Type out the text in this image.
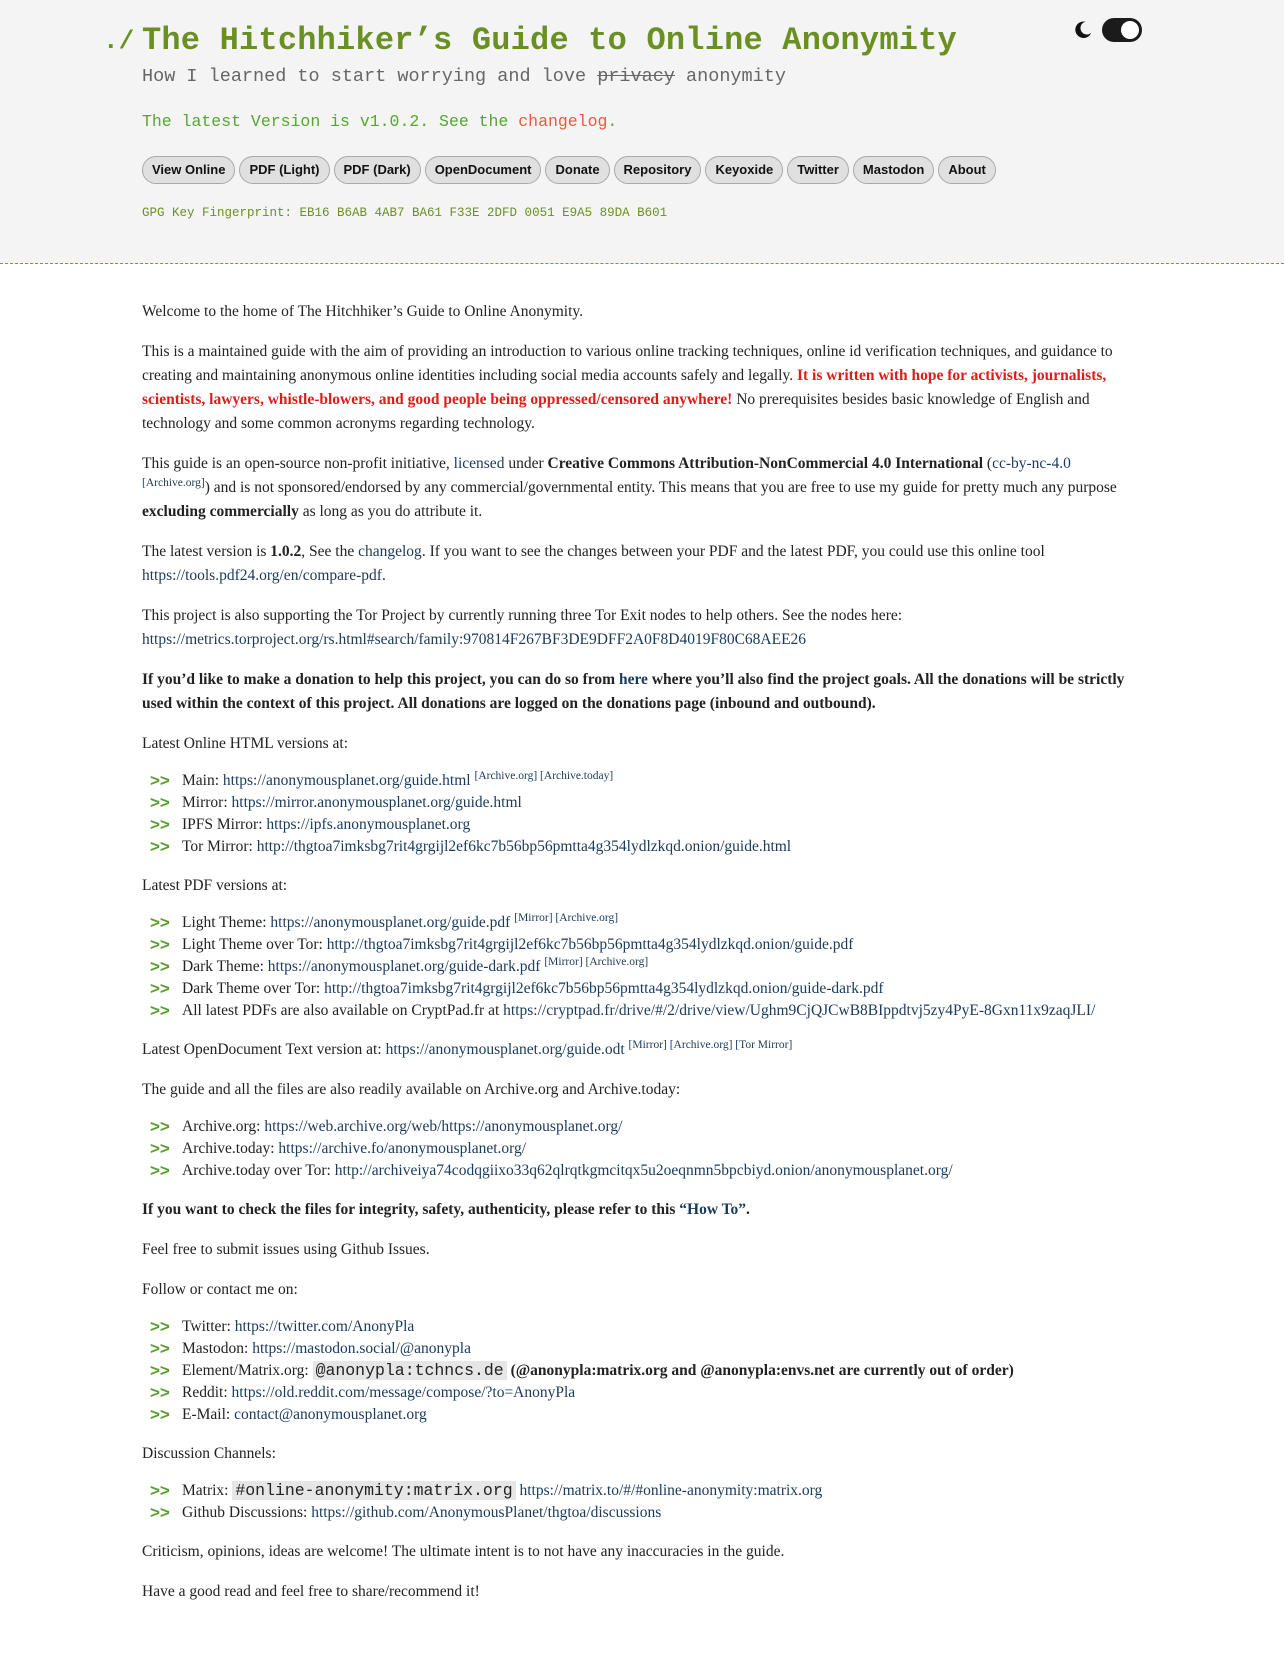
./ The Hitchhiker’s Guide to Online Anonymity
How I learned to start worrying and love privacy anonymity
The latest Version is v1.0.2. See the changelog.
View Online	PDF (Light)	PDF (Dark)	OpenDocument	Donate	Repository	Keyoxide	Twitter	Mastodon	About
GPG Key Fingerprint: EB16 B6AB 4AB7 BA61 F33E 2DFD 0051 E9A5 89DA B601

Welcome to the home of The Hitchhiker’s Guide to Online Anonymity.

This is a maintained guide with the aim of providing an introduction to various online tracking techniques, online id verification techniques, and guidance to creating and maintaining anonymous online identities including social media accounts safely and legally. It is written with hope for activists, journalists, scientists, lawyers, whistle-blowers, and good people being oppressed/censored anywhere! No prerequisites besides basic knowledge of English and technology and some common acronyms regarding technology.

This guide is an open-source non-profit initiative, licensed under Creative Commons Attribution-NonCommercial 4.0 International (cc-by-nc-4.0 [Archive.org]) and is not sponsored/endorsed by any commercial/governmental entity. This means that you are free to use my guide for pretty much any purpose excluding commercially as long as you do attribute it.

The latest version is 1.0.2, See the changelog. If you want to see the changes between your PDF and the latest PDF, you could use this online tool https://tools.pdf24.org/en/compare-pdf.

This project is also supporting the Tor Project by currently running three Tor Exit nodes to help others. See the nodes here: https://metrics.torproject.org/rs.html#search/family:970814F267BF3DE9DFF2A0F8D4019F80C68AEE26

If you’d like to make a donation to help this project, you can do so from here where you’ll also find the project goals. All the donations will be strictly used within the context of this project. All donations are logged on the donations page (inbound and outbound).

Latest Online HTML versions at:

>> Main: https://anonymousplanet.org/guide.html [Archive.org] [Archive.today]
>> Mirror: https://mirror.anonymousplanet.org/guide.html
>> IPFS Mirror: https://ipfs.anonymousplanet.org
>> Tor Mirror: http://thgtoa7imksbg7rit4grgijl2ef6kc7b56bp56pmtta4g354lydlzkqd.onion/guide.html

Latest PDF versions at:

>> Light Theme: https://anonymousplanet.org/guide.pdf [Mirror] [Archive.org]
>> Light Theme over Tor: http://thgtoa7imksbg7rit4grgijl2ef6kc7b56bp56pmtta4g354lydlzkqd.onion/guide.pdf
>> Dark Theme: https://anonymousplanet.org/guide-dark.pdf [Mirror] [Archive.org]
>> Dark Theme over Tor: http://thgtoa7imksbg7rit4grgijl2ef6kc7b56bp56pmtta4g354lydlzkqd.onion/guide-dark.pdf
>> All latest PDFs are also available on CryptPad.fr at https://cryptpad.fr/drive/#/2/drive/view/Ughm9CjQJCwB8BIppdtvj5zy4PyE-8Gxn11x9zaqJLI/

Latest OpenDocument Text version at: https://anonymousplanet.org/guide.odt [Mirror] [Archive.org] [Tor Mirror]

The guide and all the files are also readily available on Archive.org and Archive.today:

>> Archive.org: https://web.archive.org/web/https://anonymousplanet.org/
>> Archive.today: https://archive.fo/anonymousplanet.org/
>> Archive.today over Tor: http://archiveiya74codqgiixo33q62qlrqtkgmcitqx5u2oeqnmn5bpcbiyd.onion/anonymousplanet.org/

If you want to check the files for integrity, safety, authenticity, please refer to this “How To”.

Feel free to submit issues using Github Issues.

Follow or contact me on:

>> Twitter: https://twitter.com/AnonyPla
>> Mastodon: https://mastodon.social/@anonypla
>> Element/Matrix.org: @anonypla:tchncs.de (@anonypla:matrix.org and @anonypla:envs.net are currently out of order)
>> Reddit: https://old.reddit.com/message/compose/?to=AnonyPla
>> E-Mail: contact@anonymousplanet.org

Discussion Channels:

>> Matrix: #online-anonymity:matrix.org https://matrix.to/#/#online-anonymity:matrix.org
>> Github Discussions: https://github.com/AnonymousPlanet/thgtoa/discussions

Criticism, opinions, ideas are welcome! The ultimate intent is to not have any inaccuracies in the guide.

Have a good read and feel free to share/recommend it!
